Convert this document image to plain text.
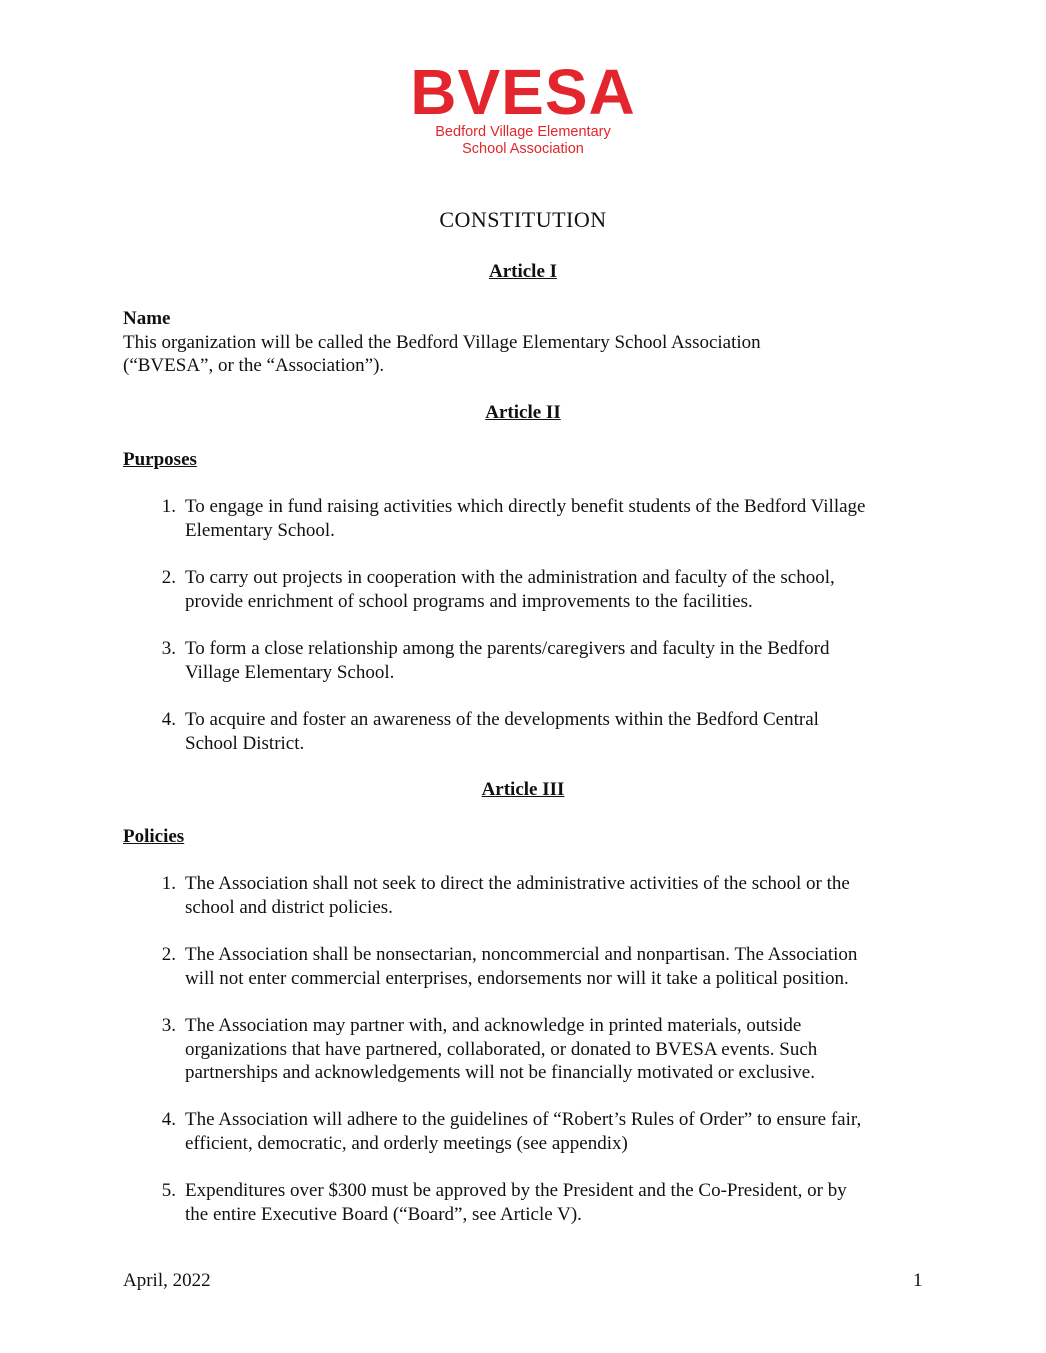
BVESA
Bedford Village Elementary
School Association
CONSTITUTION
Article I
Name
This organization will be called the Bedford Village Elementary School Association
(“BVESA”, or the “Association”).
Article II
Purposes
1. To engage in fund raising activities which directly benefit students of the Bedford Village
Elementary School.
2. To carry out projects in cooperation with the administration and faculty of the school,
provide enrichment of school programs and improvements to the facilities.
3. To form a close relationship among the parents/caregivers and faculty in the Bedford
Village Elementary School.
4. To acquire and foster an awareness of the developments within the Bedford Central
School District.
Article III
Policies
1. The Association shall not seek to direct the administrative activities of the school or the
school and district policies.
2. The Association shall be nonsectarian, noncommercial and nonpartisan. The Association
will not enter commercial enterprises, endorsements nor will it take a political position.
3. The Association may partner with, and acknowledge in printed materials, outside
organizations that have partnered, collaborated, or donated to BVESA events. Such
partnerships and acknowledgements will not be financially motivated or exclusive.
4. The Association will adhere to the guidelines of “Robert’s Rules of Order” to ensure fair,
efficient, democratic, and orderly meetings (see appendix)
5. Expenditures over $300 must be approved by the President and the Co-President, or by
the entire Executive Board (“Board”, see Article V).
April, 2022	1
